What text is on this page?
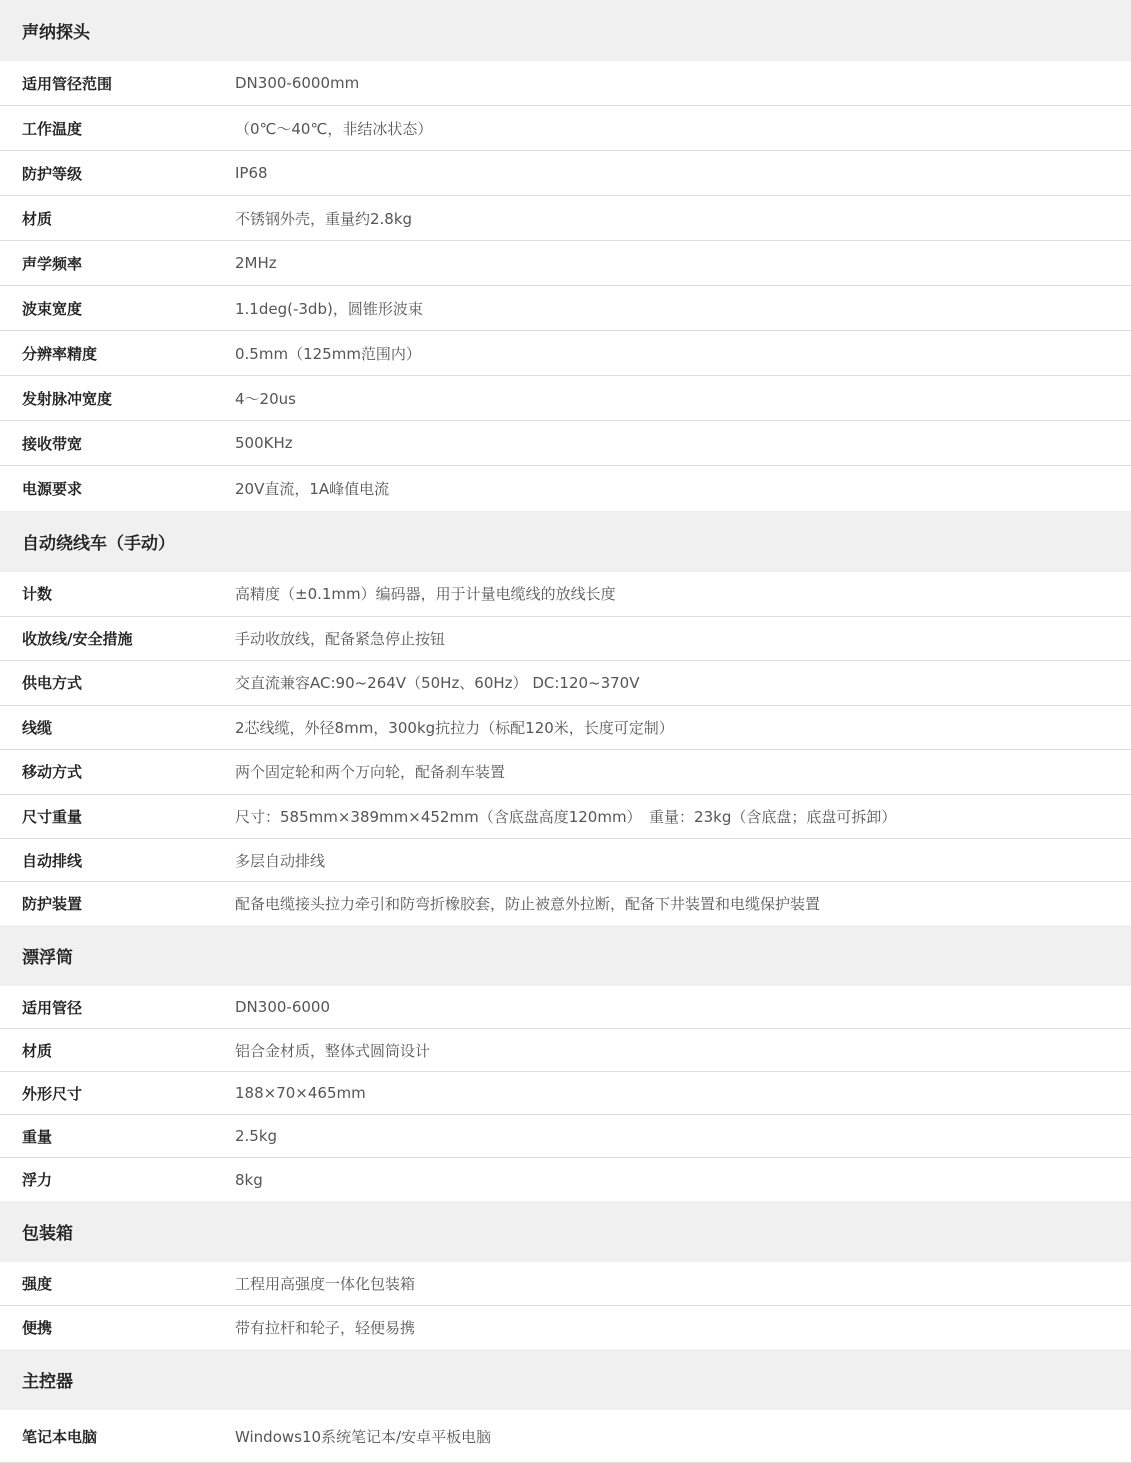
声纳探头
适用管径范围	DN300-6000mm
工作温度	（0℃～40℃，非结冰状态）
防护等级	IP68
材质	不锈钢外壳，重量约2.8kg
声学频率	2MHz
波束宽度	1.1deg(-3db)，圆锥形波束
分辨率精度	0.5mm（125mm范围内）
发射脉冲宽度	4～20us
接收带宽	500KHz
电源要求	20V直流，1A峰值电流
自动绕线车（手动）
计数	高精度（±0.1mm）编码器，用于计量电缆线的放线长度
收放线/安全措施	手动收放线，配备紧急停止按钮
供电方式	交直流兼容AC:90~264V（50Hz、60Hz） DC:120~370V
线缆	2芯线缆，外径8mm，300kg抗拉力（标配120米，长度可定制）
移动方式	两个固定轮和两个万向轮，配备刹车装置
尺寸重量	尺寸：585mm×389mm×452mm（含底盘高度120mm）　重量：23kg（含底盘；底盘可拆卸）
自动排线	多层自动排线
防护装置	配备电缆接头拉力牵引和防弯折橡胶套，防止被意外拉断，配备下井装置和电缆保护装置
漂浮筒
适用管径	DN300-6000
材质	铝合金材质，整体式圆筒设计
外形尺寸	188×70×465mm
重量	2.5kg
浮力	8kg
包装箱
强度	工程用高强度一体化包装箱
便携	带有拉杆和轮子，轻便易携
主控器
笔记本电脑	Windows10系统笔记本/安卓平板电脑
